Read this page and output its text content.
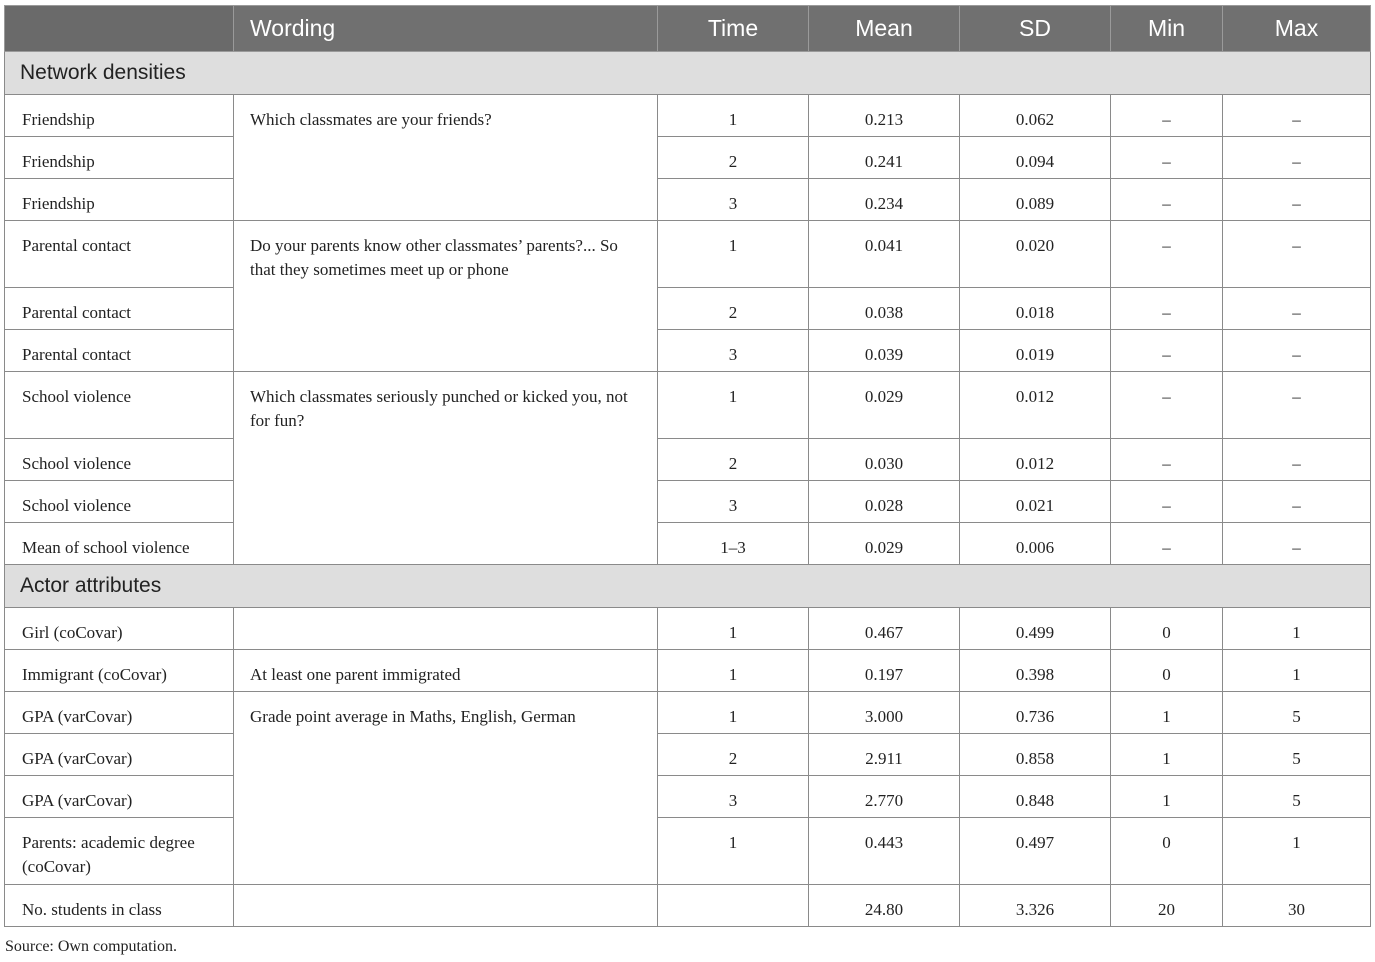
	Wording	Time	Mean	SD	Min	Max
Network densities						
Friendship	Which classmates are your friends?	1	0.213	0.062	–	–
Friendship		2	0.241	0.094	–	–
Friendship		3	0.234	0.089	–	–
Parental contact	Do your parents know other classmates’ parents?... So that they sometimes meet up or phone	1	0.041	0.020	–	–
Parental contact		2	0.038	0.018	–	–
Parental contact		3	0.039	0.019	–	–
School violence	Which classmates seriously punched or kicked you, not for fun?	1	0.029	0.012	–	–
School violence		2	0.030	0.012	–	–
School violence		3	0.028	0.021	–	–
Mean of school violence		1–3	0.029	0.006	–	–
Actor attributes						
Girl (coCovar)		1	0.467	0.499	0	1
Immigrant (coCovar)	At least one parent immigrated	1	0.197	0.398	0	1
GPA (varCovar)	Grade point average in Maths, English, German	1	3.000	0.736	1	5
GPA (varCovar)		2	2.911	0.858	1	5
GPA (varCovar)		3	2.770	0.848	1	5
Parents: academic degree (coCovar)		1	0.443	0.497	0	1
No. students in class			24.80	3.326	20	30
Source: Own computation.
